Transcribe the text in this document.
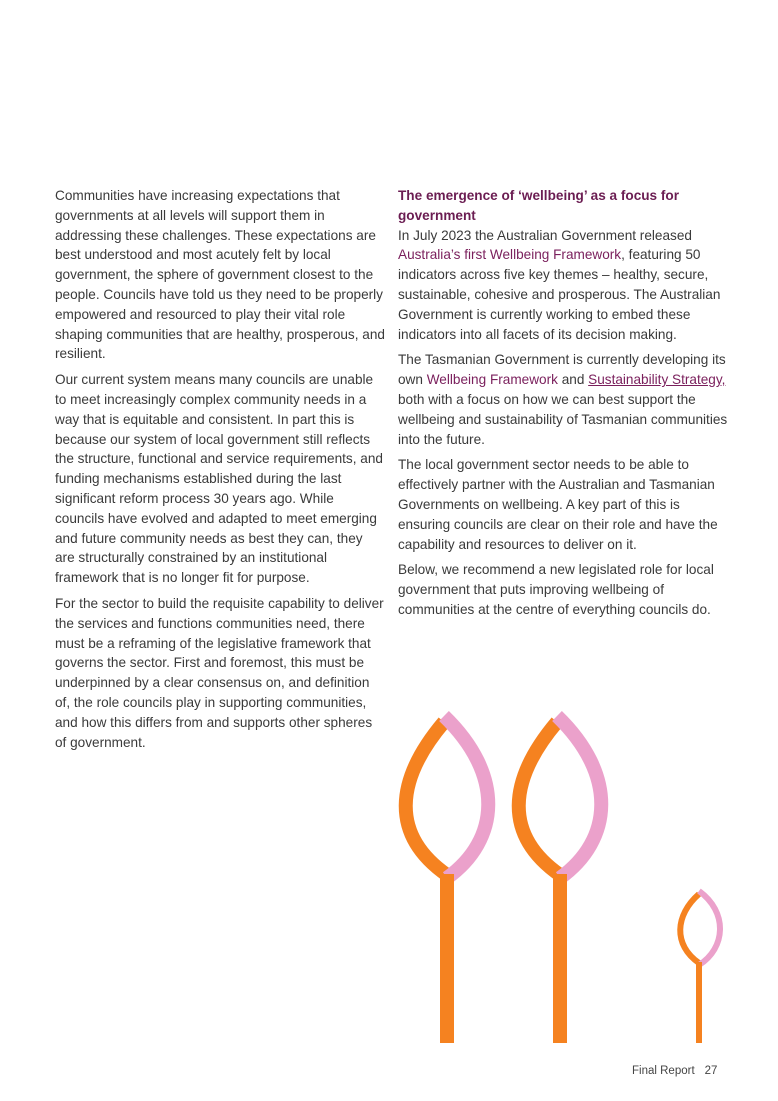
Communities have increasing expectations that governments at all levels will support them in addressing these challenges. These expectations are best understood and most acutely felt by local government, the sphere of government closest to the people. Councils have told us they need to be properly empowered and resourced to play their vital role shaping communities that are healthy, prosperous, and resilient.

Our current system means many councils are unable to meet increasingly complex community needs in a way that is equitable and consistent. In part this is because our system of local government still reflects the structure, functional and service requirements, and funding mechanisms established during the last significant reform process 30 years ago. While councils have evolved and adapted to meet emerging and future community needs as best they can, they are structurally constrained by an institutional framework that is no longer fit for purpose.

For the sector to build the requisite capability to deliver the services and functions communities need, there must be a reframing of the legislative framework that governs the sector. First and foremost, this must be underpinned by a clear consensus on, and definition of, the role councils play in supporting communities, and how this differs from and supports other spheres of government.

The emergence of ‘wellbeing’ as a focus for government

In July 2023 the Australian Government released Australia’s first Wellbeing Framework, featuring 50 indicators across five key themes – healthy, secure, sustainable, cohesive and prosperous. The Australian Government is currently working to embed these indicators into all facets of its decision making.

The Tasmanian Government is currently developing its own Wellbeing Framework and Sustainability Strategy, both with a focus on how we can best support the wellbeing and sustainability of Tasmanian communities into the future.

The local government sector needs to be able to effectively partner with the Australian and Tasmanian Governments on wellbeing. A key part of this is ensuring councils are clear on their role and have the capability and resources to deliver on it.

Below, we recommend a new legislated role for local government that puts improving wellbeing of communities at the centre of everything councils do.

Final Report 27
